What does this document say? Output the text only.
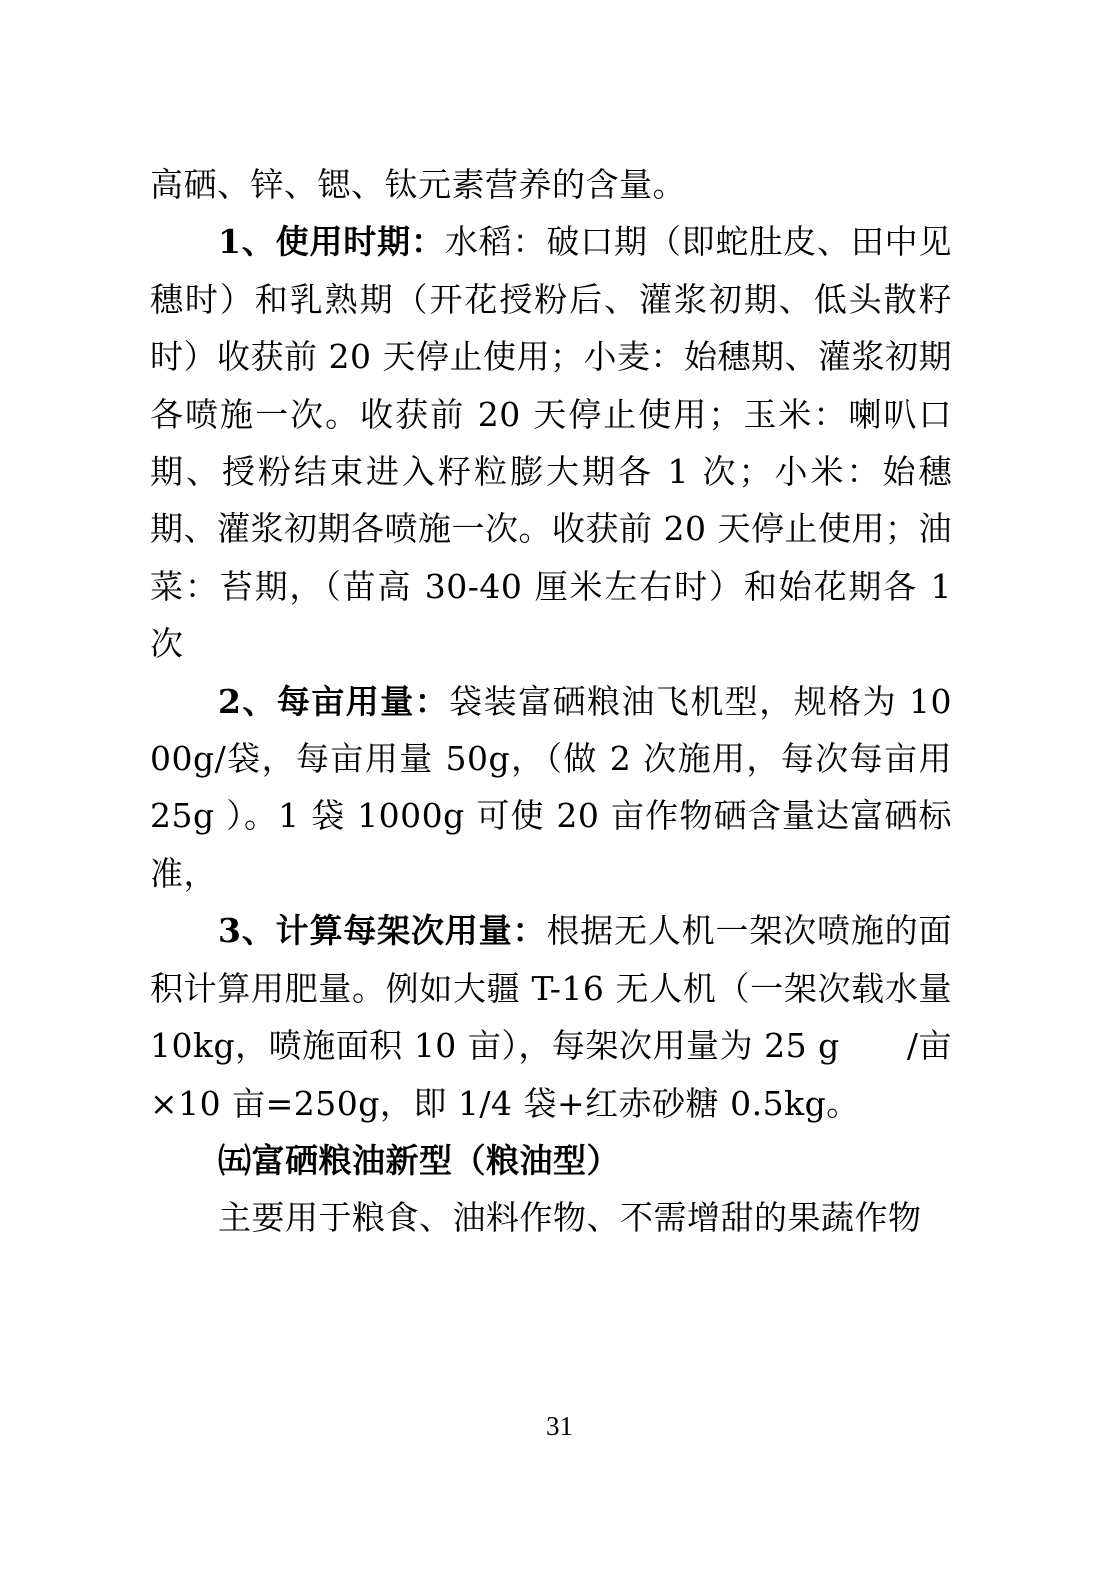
高硒、锌、锶、钛元素营养的含量。

1、使用时期：水稻：破口期（即蛇肚皮、田中见穗时）和乳熟期（开花授粉后、灌浆初期、低头散籽时）收获前 20 天停止使用；小麦：始穗期、灌浆初期各喷施一次。收获前 20 天停止使用；玉米：喇叭口期、授粉结束进入籽粒膨大期各 1 次；小米：始穗期、灌浆初期各喷施一次。收获前 20 天停止使用；油菜：苔期，（苗高 30-40 厘米左右时）和始花期各 1 次

2、每亩用量：袋装富硒粮油飞机型，规格为 1000g/袋，每亩用量 50g，（做 2 次施用，每次每亩用 25g ）。1 袋 1000g 可使 20 亩作物硒含量达富硒标准，

3、计算每架次用量：根据无人机一架次喷施的面积计算用肥量。例如大疆 T-16 无人机（一架次载水量 10kg，喷施面积 10 亩），每架次用量为 25 g　　/亩×10 亩=250g，即 1/4 袋+红赤砂糖 0.5kg。

㈤富硒粮油新型（粮油型）

主要用于粮食、油料作物、不需增甜的果蔬作物

31
